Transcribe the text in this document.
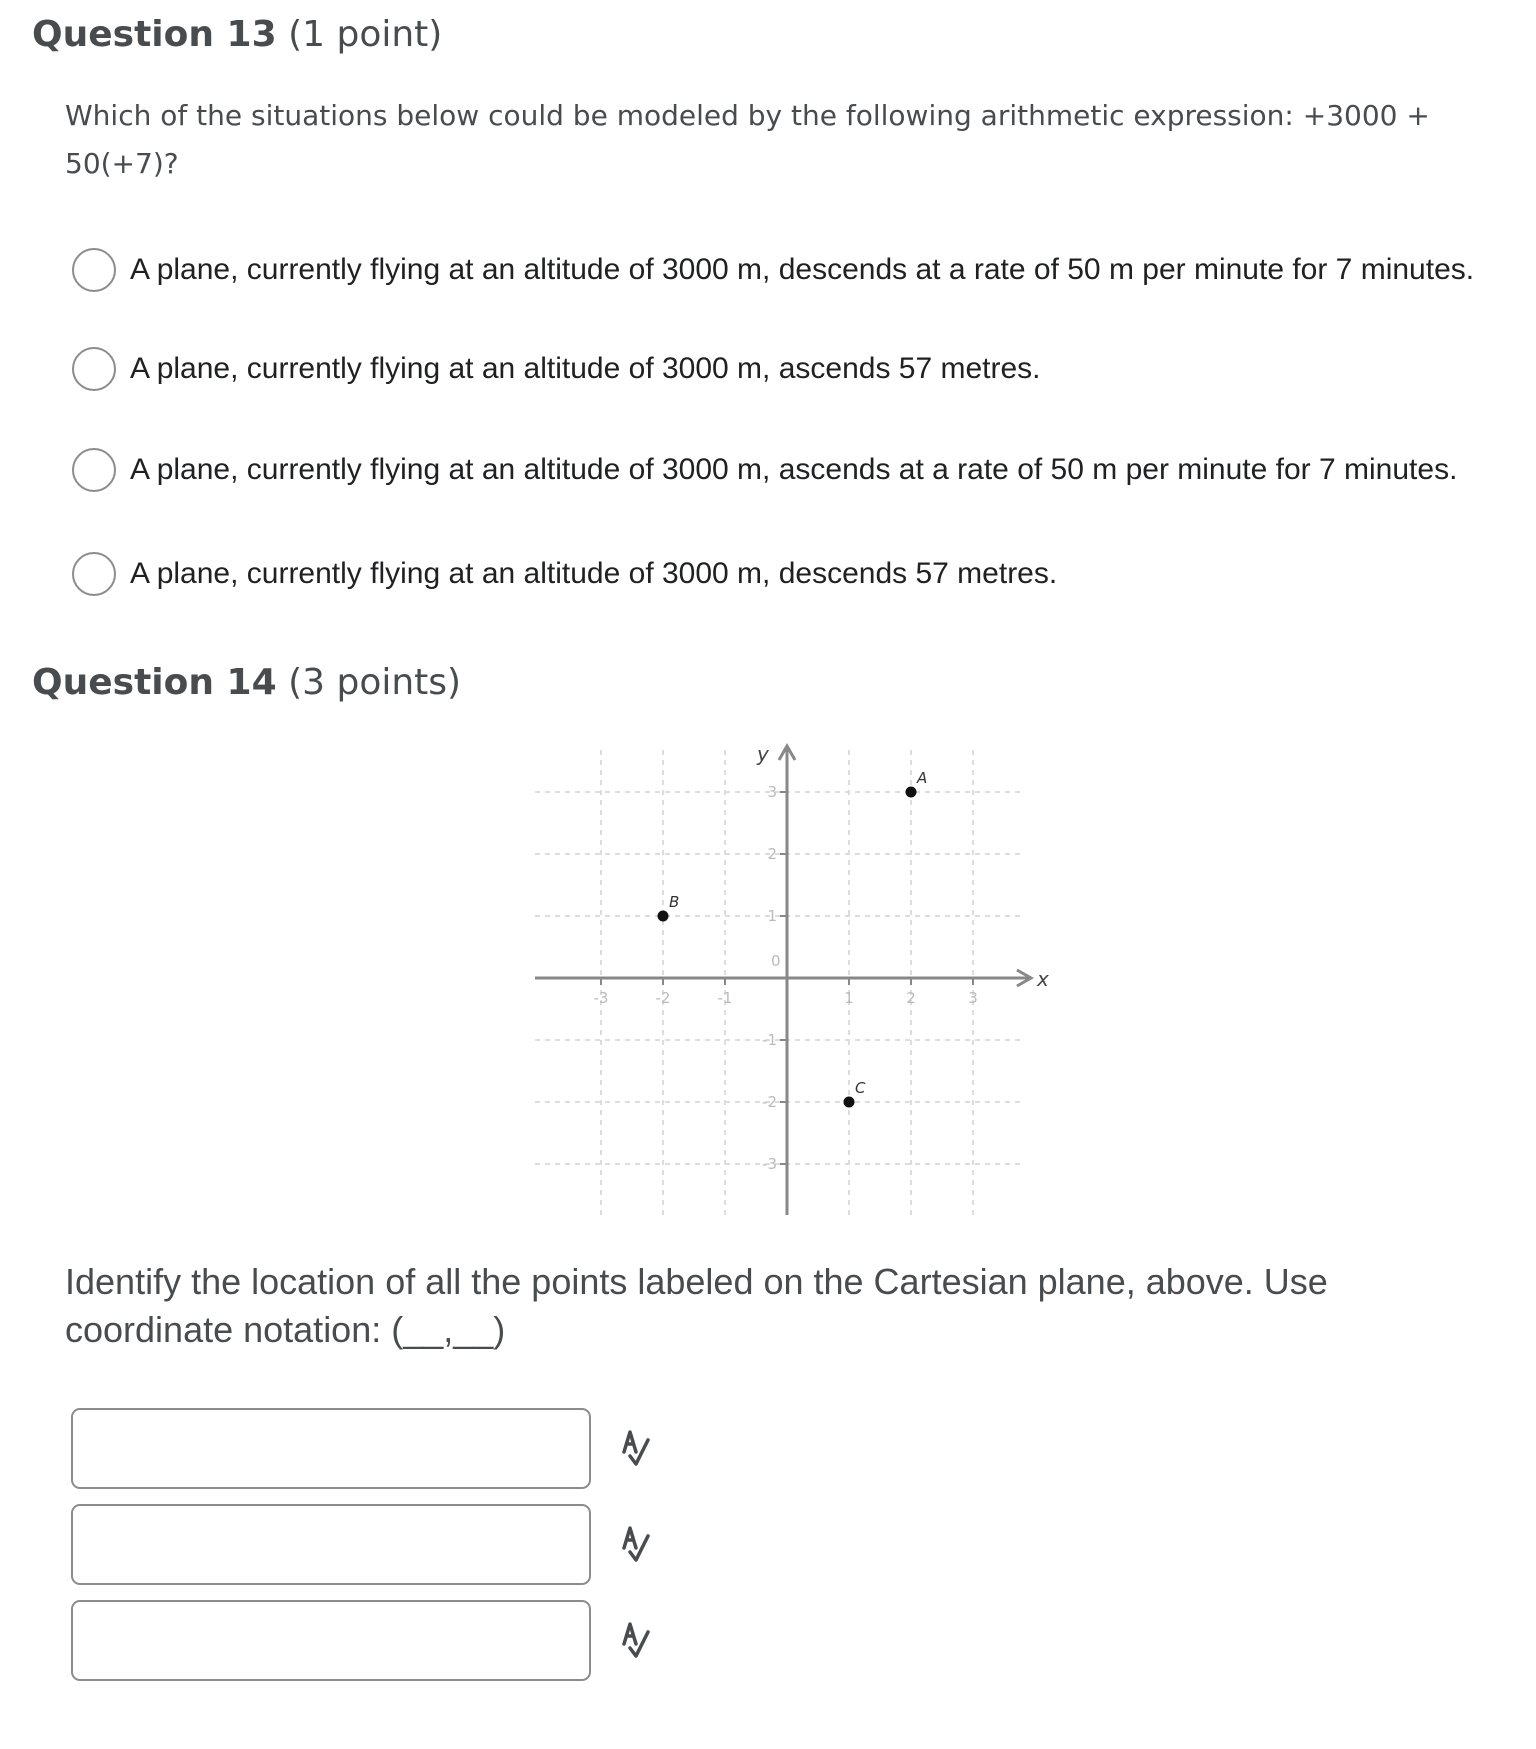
Question 13 (1 point)
Which of the situations below could be modeled by the following arithmetic expression: +3000 + 50(+7)?
A plane, currently flying at an altitude of 3000 m, descends at a rate of 50 m per minute for 7 minutes.
A plane, currently flying at an altitude of 3000 m, ascends 57 metres.
A plane, currently flying at an altitude of 3000 m, ascends at a rate of 50 m per minute for 7 minutes.
A plane, currently flying at an altitude of 3000 m, descends 57 metres.
Question 14 (3 points)
x
y
-3	-2	-1	1	2	3
3
2
1
-1
-2
-3
0
A
B
C
Identify the location of all the points labeled on the Cartesian plane, above. Use coordinate notation: (__,__)
